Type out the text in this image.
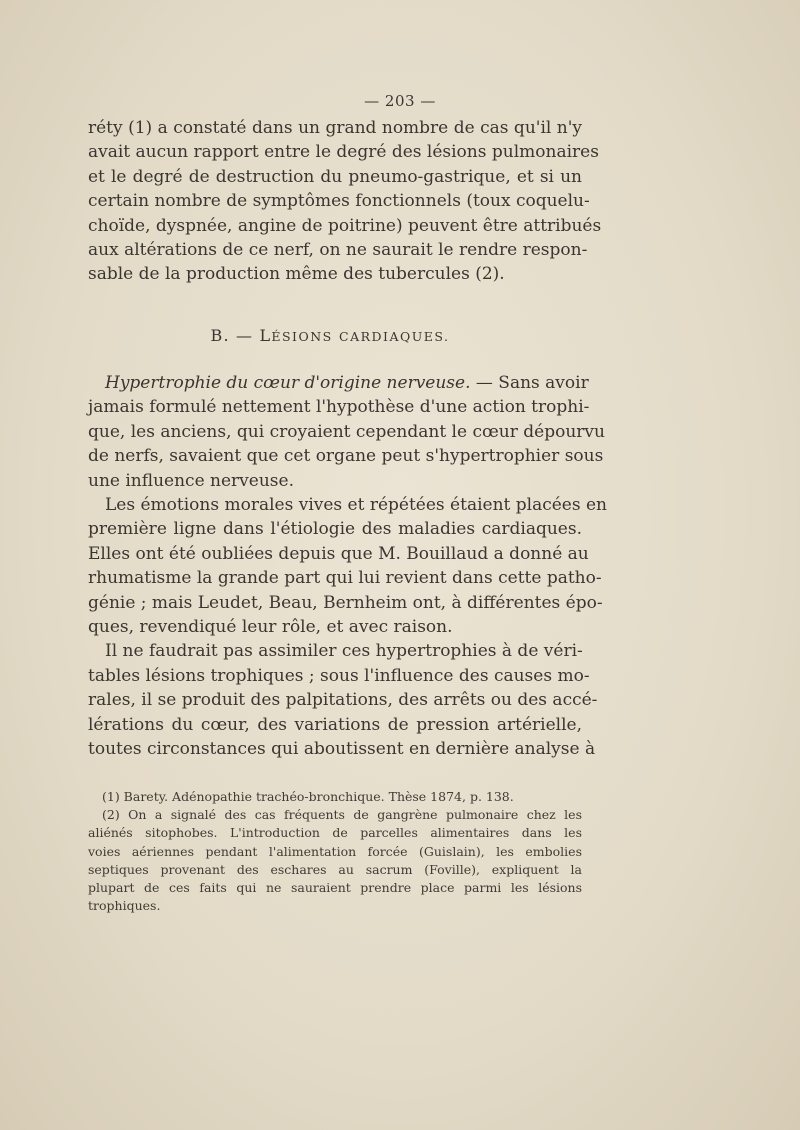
— 203 —
réty (1) a constaté dans un grand nombre de cas qu'il n'y
avait aucun rapport entre le degré des lésions pulmonaires
et le degré de destruction du pneumo-gastrique, et si un
certain nombre de symptômes fonctionnels (toux coquelu-
choïde, dyspnée, angine de poitrine) peuvent être attribués
aux altérations de ce nerf, on ne saurait le rendre respon-
sable de la production même des tubercules (2).
B. — LÉSIONS CARDIAQUES.
Hypertrophie du cœur d'origine nerveuse. — Sans avoir
jamais formulé nettement l'hypothèse d'une action trophi-
que, les anciens, qui croyaient cependant le cœur dépourvu
de nerfs, savaient que cet organe peut s'hypertrophier sous
une influence nerveuse.
Les émotions morales vives et répétées étaient placées en
première ligne dans l'étiologie des maladies cardiaques.
Elles ont été oubliées depuis que M. Bouillaud a donné au
rhumatisme la grande part qui lui revient dans cette patho-
génie ; mais Leudet, Beau, Bernheim ont, à différentes épo-
ques, revendiqué leur rôle, et avec raison.
Il ne faudrait pas assimiler ces hypertrophies à de véri-
tables lésions trophiques ; sous l'influence des causes mo-
rales, il se produit des palpitations, des arrêts ou des accé-
lérations du cœur, des variations de pression artérielle,
toutes circonstances qui aboutissent en dernière analyse à
(1) Barety. Adénopathie trachéo-bronchique. Thèse 1874, p. 138.
(2) On a signalé des cas fréquents de gangrène pulmonaire chez les
aliénés sitophobes. L'introduction de parcelles alimentaires dans les
voies aériennes pendant l'alimentation forcée (Guislain), les embolies
septiques provenant des eschares au sacrum (Foville), expliquent la
plupart de ces faits qui ne sauraient prendre place parmi les lésions
trophiques.
